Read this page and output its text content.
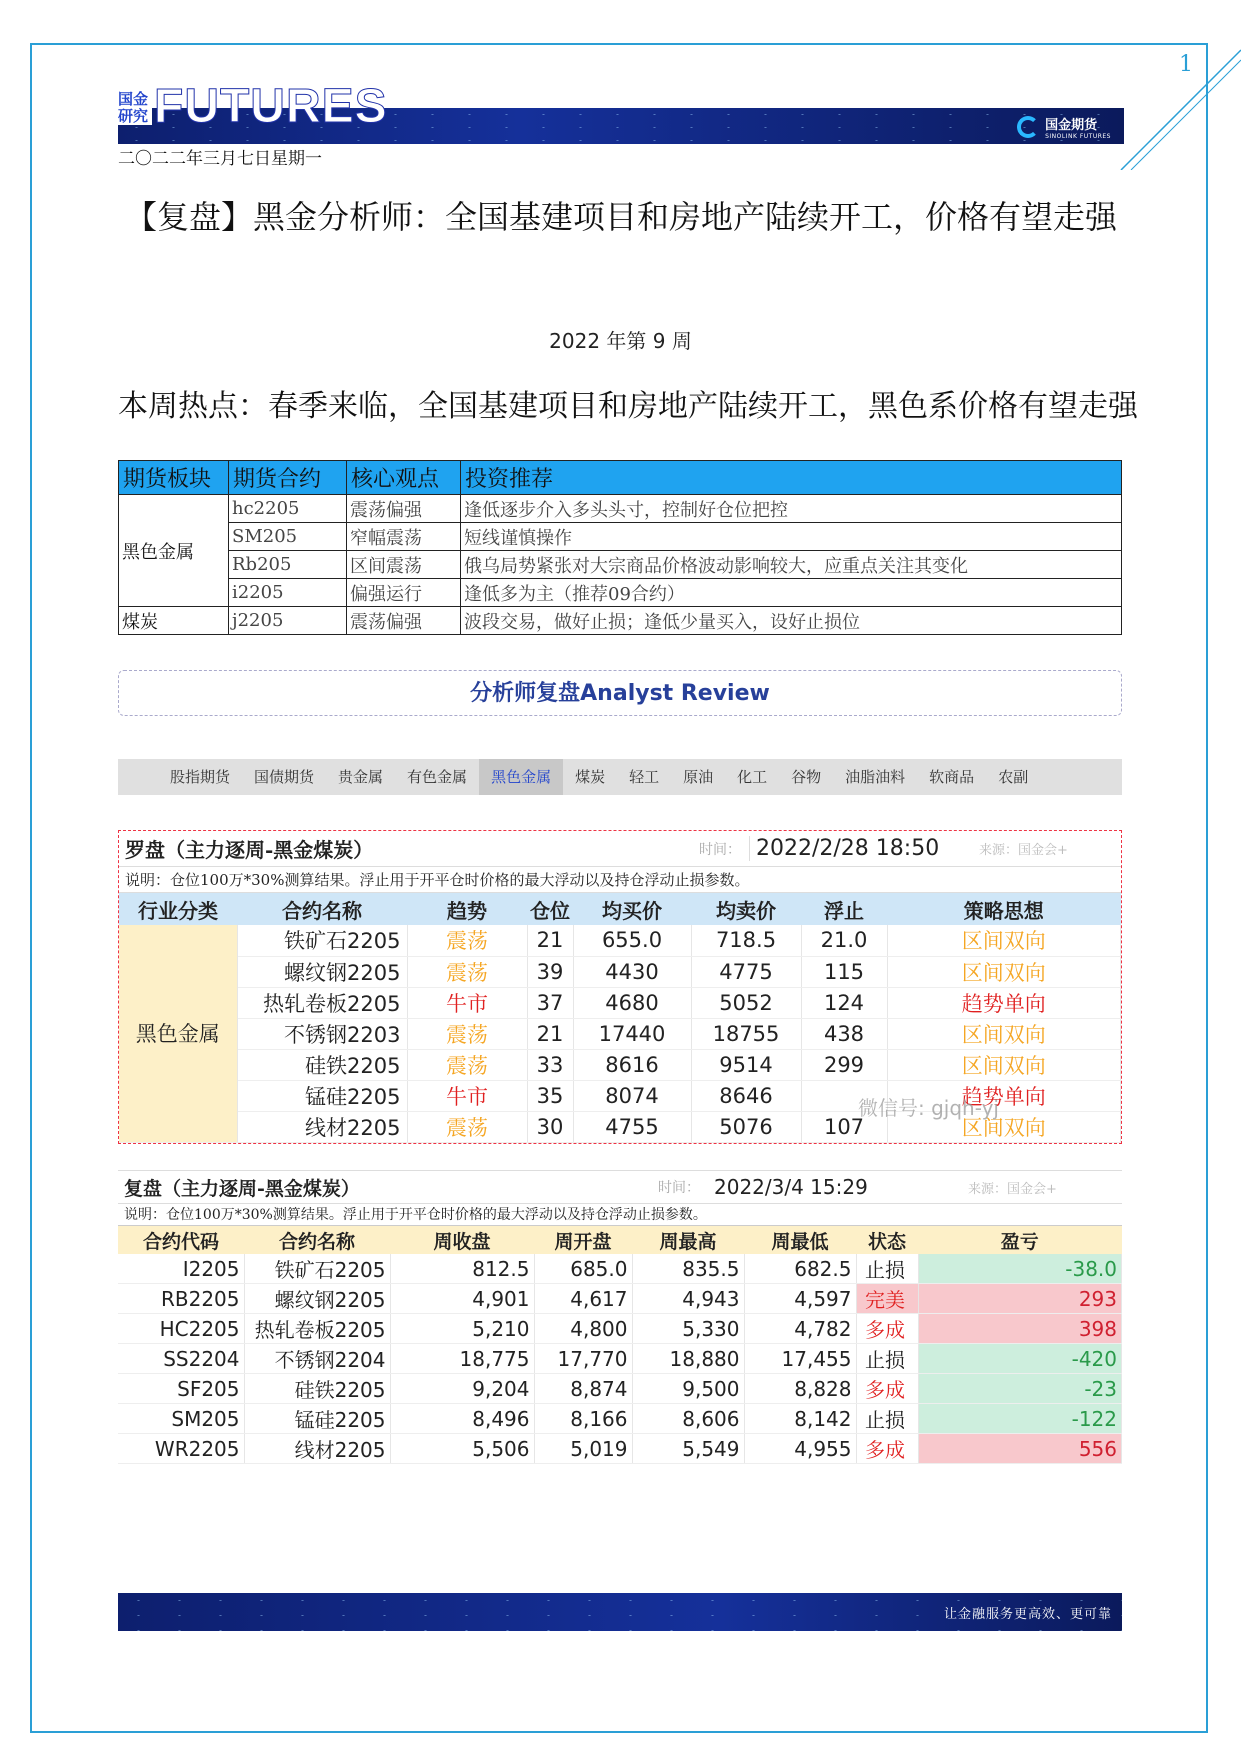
1
国金研究 FUTURES	国金期货
SINOLINK FUTURES
二〇二二年三月七日星期一
【复盘】黑金分析师：全国基建项目和房地产陆续开工，价格有望走强
2022 年第 9 周
本周热点：春季来临，全国基建项目和房地产陆续开工，黑色系价格有望走强
期货板块	期货合约	核心观点	投资推荐
黑色金属	hc2205	震荡偏强	逢低逐步介入多头头寸，控制好仓位把控
	SM205	窄幅震荡	短线谨慎操作
	Rb205	区间震荡	俄乌局势紧张对大宗商品价格波动影响较大，应重点关注其变化
	i2205	偏强运行	逢低多为主（推荐09合约）
煤炭	j2205	震荡偏强	波段交易，做好止损；逢低少量买入，设好止损位
分析师复盘Analyst Review
股指期货	国债期货	贵金属	有色金属	黑色金属	煤炭	轻工	原油	化工	谷物	油脂油料	软商品	农副
罗盘（主力逐周-黑金煤炭）	时间： 2022/2/28 18:50	来源：国金会+
说明：仓位100万*30%测算结果。浮止用于开平仓时价格的最大浮动以及持仓浮动止损参数。
行业分类	合约名称	趋势	仓位	均买价	均卖价	浮止	策略思想
黑色金属	铁矿石2205	震荡	21	655.0	718.5	21.0	区间双向
	螺纹钢2205	震荡	39	4430	4775	115	区间双向
	热轧卷板2205	牛市	37	4680	5052	124	趋势单向
	不锈钢2203	震荡	21	17440	18755	438	区间双向
	硅铁2205	震荡	33	8616	9514	299	区间双向
	锰硅2205	牛市	35	8074	8646		趋势单向
	线材2205	震荡	30	4755	5076	107	区间双向
微信号: gjqh-yj
复盘（主力逐周-黑金煤炭）	时间： 2022/3/4 15:29	来源：国金会+
说明：仓位100万*30%测算结果。浮止用于开平仓时价格的最大浮动以及持仓浮动止损参数。
合约代码	合约名称	周收盘	周开盘	周最高	周最低	状态	盈亏
I2205	铁矿石2205	812.5	685.0	835.5	682.5	止损	-38.0
RB2205	螺纹钢2205	4,901	4,617	4,943	4,597	完美	293
HC2205	热轧卷板2205	5,210	4,800	5,330	4,782	多成	398
SS2204	不锈钢2204	18,775	17,770	18,880	17,455	止损	-420
SF205	硅铁2205	9,204	8,874	9,500	8,828	多成	-23
SM205	锰硅2205	8,496	8,166	8,606	8,142	止损	-122
WR2205	线材2205	5,506	5,019	5,549	4,955	多成	556
让金融服务更高效、更可靠
